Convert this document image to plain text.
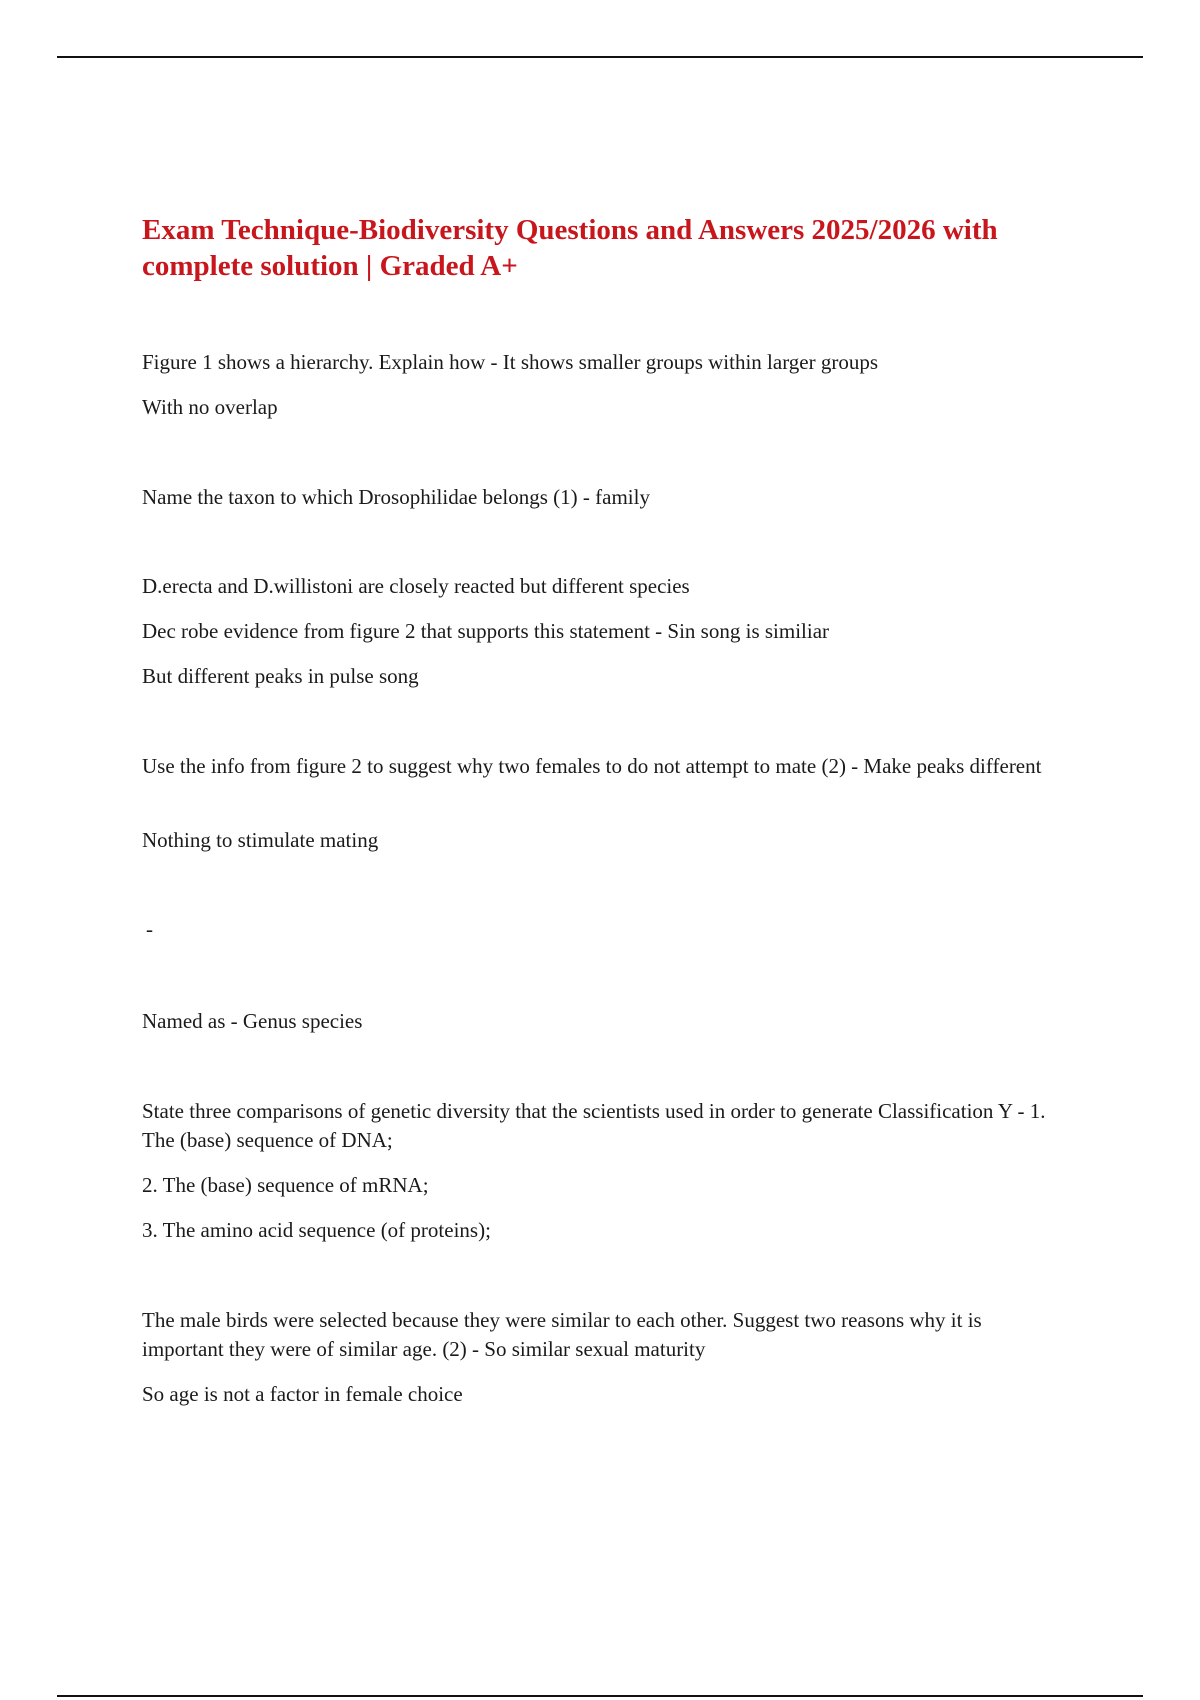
Exam Technique-Biodiversity Questions and Answers 2025/2026 with complete solution | Graded A+

Figure 1 shows a hierarchy. Explain how - It shows smaller groups within larger groups

With no overlap

Name the taxon to which Drosophilidae belongs (1) - family

D.erecta and D.willistoni are closely reacted but different species

Dec robe evidence from figure 2 that supports this statement - Sin song is similiar

But different peaks in pulse song

Use the info from figure 2 to suggest why two females to do not attempt to mate (2) - Make peaks different

Nothing to stimulate mating

-

Named as - Genus species

State three comparisons of genetic diversity that the scientists used in order to generate Classification Y - 1. The (base) sequence of DNA;

2. The (base) sequence of mRNA;

3. The amino acid sequence (of proteins);

The male birds were selected because they were similar to each other. Suggest two reasons why it is important they were of similar age. (2) - So similar sexual maturity

So age is not a factor in female choice
